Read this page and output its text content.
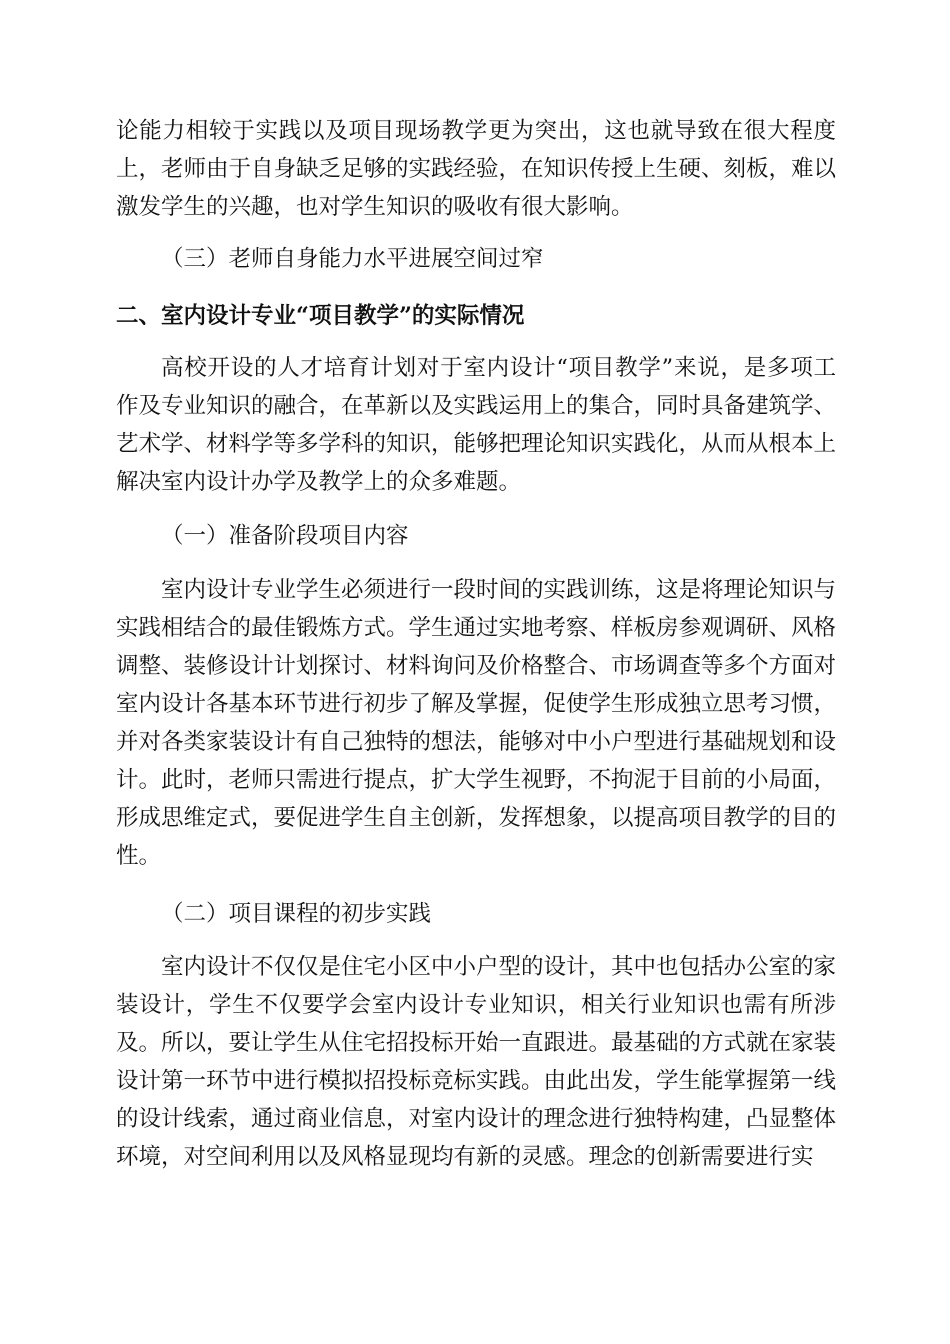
论能力相较于实践以及项目现场教学更为突出，这也就导致在很大程度上，老师由于自身缺乏足够的实践经验，在知识传授上生硬、刻板，难以激发学生的兴趣，也对学生知识的吸收有很大影响。

（三）老师自身能力水平进展空间过窄
二、室内设计专业“项目教学”的实际情况

高校开设的人才培育计划对于室内设计“项目教学”来说，是多项工作及专业知识的融合，在革新以及实践运用上的集合，同时具备建筑学、艺术学、材料学等多学科的知识，能够把理论知识实践化，从而从根本上解决室内设计办学及教学上的众多难题。

（一）准备阶段项目内容

室内设计专业学生必须进行一段时间的实践训练，这是将理论知识与实践相结合的最佳锻炼方式。学生通过实地考察、样板房参观调研、风格调整、装修设计计划探讨、材料询问及价格整合、市场调查等多个方面对室内设计各基本环节进行初步了解及掌握，促使学生形成独立思考习惯，并对各类家装设计有自己独特的想法，能够对中小户型进行基础规划和设计。此时，老师只需进行提点，扩大学生视野，不拘泥于目前的小局面，形成思维定式，要促进学生自主创新，发挥想象，以提高项目教学的目的性。

（二）项目课程的初步实践

室内设计不仅仅是住宅小区中小户型的设计，其中也包括办公室的家装设计，学生不仅要学会室内设计专业知识，相关行业知识也需有所涉及。所以，要让学生从住宅招投标开始一直跟进。最基础的方式就在家装设计第一环节中进行模拟招投标竞标实践。由此出发，学生能掌握第一线的设计线索，通过商业信息，对室内设计的理念进行独特构建，凸显整体环境，对空间利用以及风格显现均有新的灵感。理念的创新需要进行实
